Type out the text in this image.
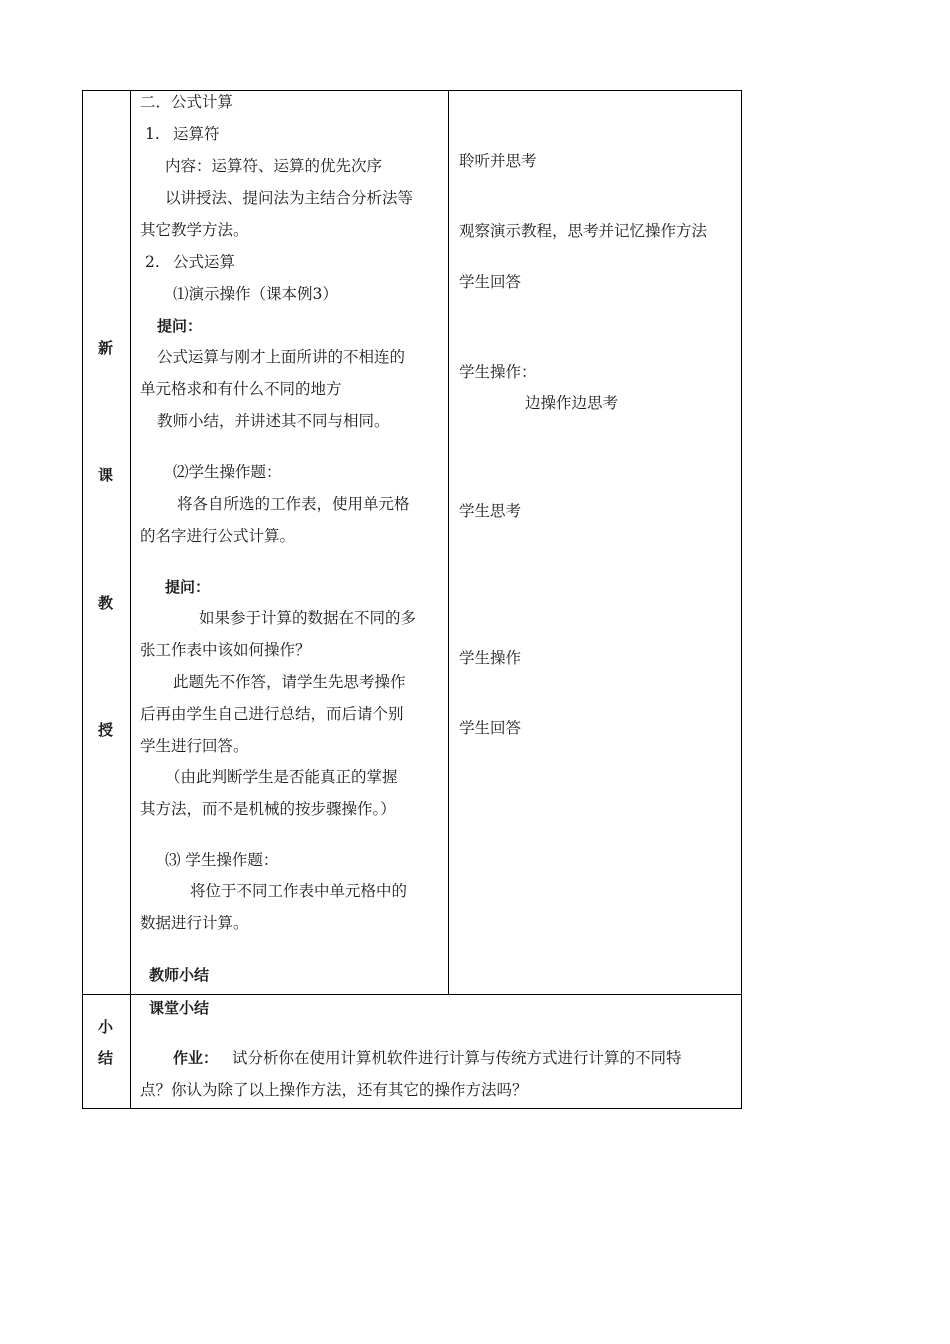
新
课
教
授
小
结
二．公式计算
1. 运算符
内容：运算符、运算的优先次序
以讲授法、提问法为主结合分析法等
其它教学方法。
2. 公式运算
⑴演示操作（课本例3）
提问：
公式运算与刚才上面所讲的不相连的
单元格求和有什么不同的地方
教师小结，并讲述其不同与相同。
⑵学生操作题：
将各自所选的工作表，使用单元格
的名字进行公式计算。
提问：
如果参于计算的数据在不同的多
张工作表中该如何操作？
此题先不作答，请学生先思考操作
后再由学生自己进行总结，而后请个别
学生进行回答。
（由此判断学生是否能真正的掌握
其方法，而不是机械的按步骤操作。）
⑶ 学生操作题：
将位于不同工作表中单元格中的
数据进行计算。
教师小结
聆听并思考
观察演示教程，思考并记忆操作方法
学生回答
学生操作：
边操作边思考
学生思考
学生操作
学生回答
课堂小结
作业： 试分析你在使用计算机软件进行计算与传统方式进行计算的不同特
点？你认为除了以上操作方法，还有其它的操作方法吗？
